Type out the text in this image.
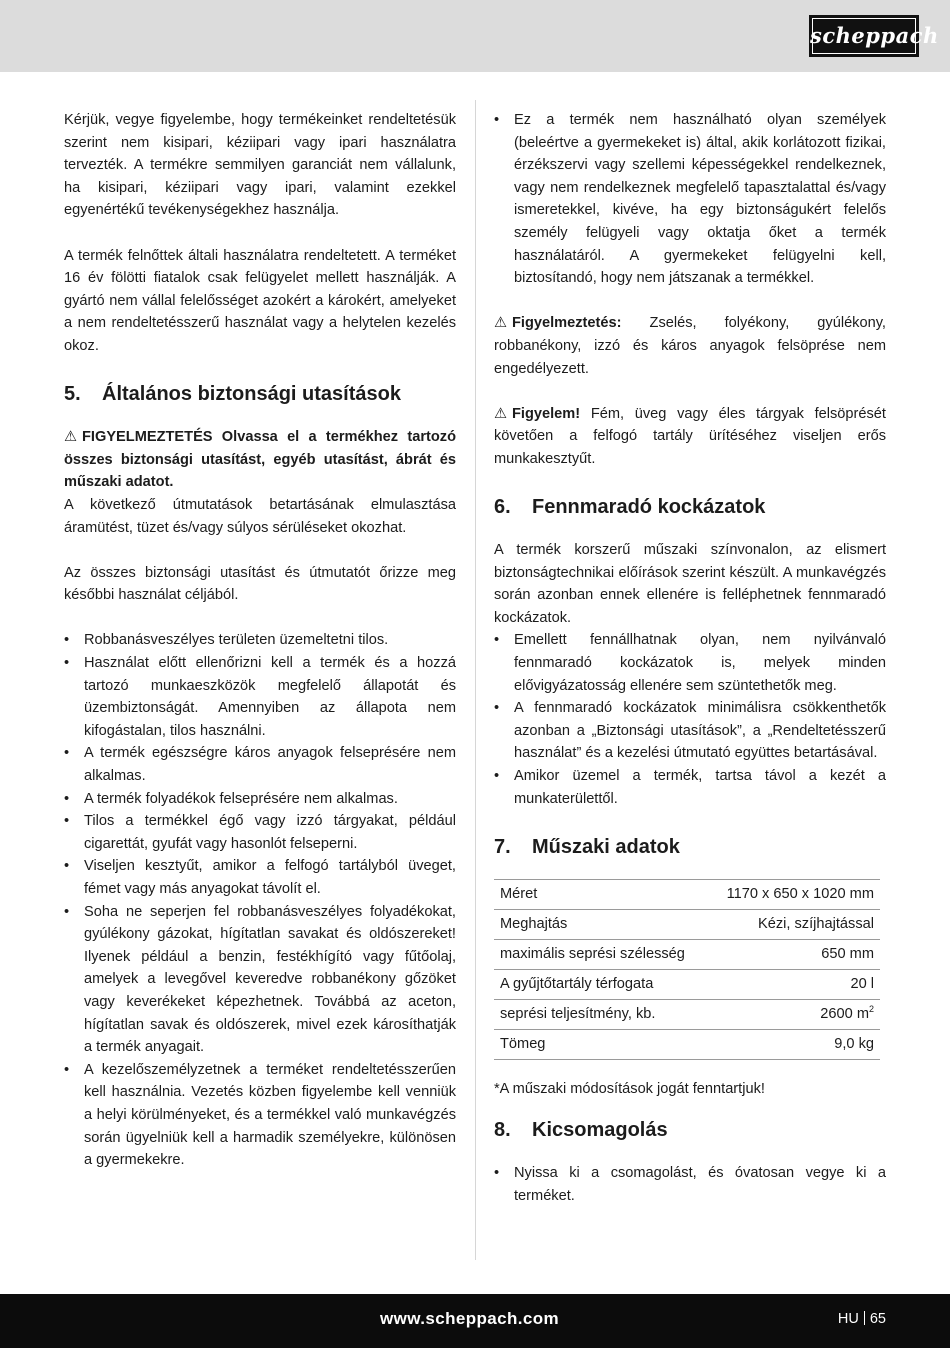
scheppach

Kérjük, vegye figyelembe, hogy termékeinket rendeltetésük szerint nem kisipari, kéziipari vagy ipari használatra tervezték. A termékre semmilyen garanciát nem vállalunk, ha kisipari, kéziipari vagy ipari, valamint ezekkel egyenértékű tevékenységekhez használja.

A termék felnőttek általi használatra rendeltetett. A terméket 16 év fölötti fiatalok csak felügyelet mellett használják. A gyártó nem vállal felelősséget azokért a károkért, amelyeket a nem rendeltetésszerű használat vagy a helytelen kezelés okoz.

5. Általános biztonsági utasítások
⚠ FIGYELMEZTETÉS Olvassa el a termékhez tartozó összes biztonsági utasítást, egyéb utasítást, ábrát és műszaki adatot.
A következő útmutatások betartásának elmulasztása áramütést, tüzet és/vagy súlyos sérüléseket okozhat.

Az összes biztonsági utasítást és útmutatót őrizze meg későbbi használat céljából.

• Robbanásveszélyes területen üzemeltetni tilos.
• Használat előtt ellenőrizni kell a termék és a hozzá tartozó munkaeszközök megfelelő állapotát és üzembiztonságát. Amennyiben az állapota nem kifogástalan, tilos használni.
• A termék egészségre káros anyagok felseprésére nem alkalmas.
• A termék folyadékok felseprésére nem alkalmas.
• Tilos a termékkel égő vagy izzó tárgyakat, például cigarettát, gyufát vagy hasonlót felseperni.
• Viseljen kesztyűt, amikor a felfogó tartályból üveget, fémet vagy más anyagokat távolít el.
• Soha ne seperjen fel robbanásveszélyes folyadékokat, gyúlékony gázokat, hígítatlan savakat és oldószereket! Ilyenek például a benzin, festékhígító vagy fűtőolaj, amelyek a levegővel keveredve robbanékony gőzöket vagy keverékeket képezhetnek. Továbbá az aceton, hígítatlan savak és oldószerek, mivel ezek károsíthatják a termék anyagait.
• A kezelőszemélyzetnek a terméket rendeltetésszerűen kell használnia. Vezetés közben figyelembe kell venniük a helyi körülményeket, és a termékkel való munkavégzés során ügyelniük kell a harmadik személyekre, különösen a gyermekekre.
• Ez a termék nem használható olyan személyek (beleértve a gyermekeket is) által, akik korlátozott fizikai, érzékszervi vagy szellemi képességekkel rendelkeznek, vagy nem rendelkeznek megfelelő tapasztalattal és/vagy ismeretekkel, kivéve, ha egy biztonságukért felelős személy felügyeli vagy oktatja őket a termék használatáról. A gyermekeket felügyelni kell, biztosítandó, hogy nem játszanak a termékkel.

⚠ Figyelmeztetés: Zselés, folyékony, gyúlékony, robbanékony, izzó és káros anyagok felsöprése nem engedélyezett.

⚠ Figyelem! Fém, üveg vagy éles tárgyak felsöprését követően a felfogó tartály ürítéséhez viseljen erős munkakesztyűt.

6. Fennmaradó kockázatok
A termék korszerű műszaki színvonalon, az elismert biztonságtechnikai előírások szerint készült. A munkavégzés során azonban ennek ellenére is felléphetnek fennmaradó kockázatok.
• Emellett fennállhatnak olyan, nem nyilvánvaló fennmaradó kockázatok is, melyek minden elővigyázatosság ellenére sem szüntethetők meg.
• A fennmaradó kockázatok minimálisra csökkenthetők azonban a „Biztonsági utasítások”, a „Rendeltetésszerű használat” és a kezelési útmutató együttes betartásával.
• Amikor üzemel a termék, tartsa távol a kezét a munkaterülettől.
7. Műszaki adatok
Méret	1170 x 650 x 1020 mm
Meghajtás	Kézi, szíjhajtással
maximális seprési szélesség	650 mm
A gyűjtőtartály térfogata	20 l
seprési teljesítmény, kb.	2600 $m^2$
Tömeg	9,0 kg

*A műszaki módosítások jogát fenntartjuk!

8. Kicsomagolás
• Nyissa ki a csomagolást, és óvatosan vegye ki a terméket.
www.scheppach.com	HU 65
